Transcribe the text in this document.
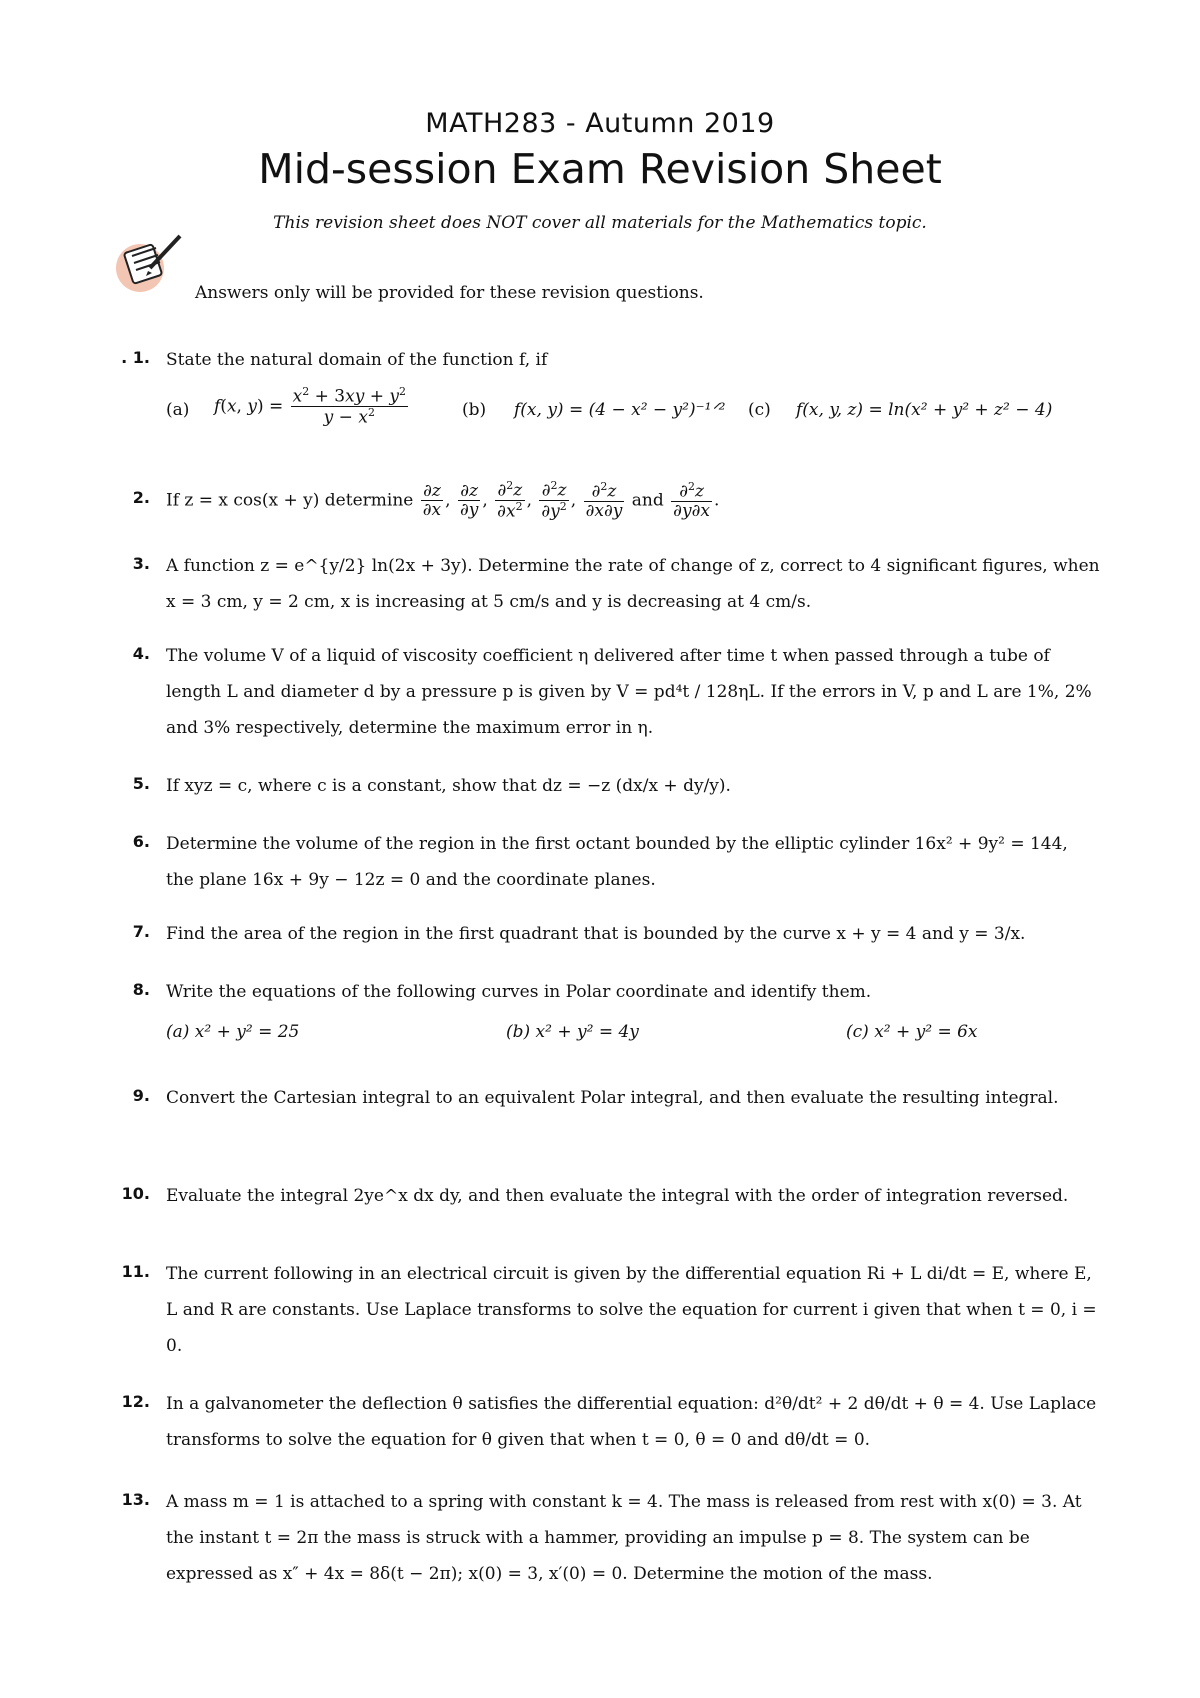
MATH283 - Autumn 2019
Mid-session Exam Revision Sheet
This revision sheet does NOT cover all materials for the Mathematics topic.
Answers only will be provided for these revision questions.
. 1. State the natural domain of the function f, if
(a) f(x, $y) = \frac{x^2 + 3xy + y^2}{y - x^2}$	(b) f(x, y) = (4 − x² − y²)⁻¹ᐟ² (c) f(x, y, z) = ln(x² + y² + z² − 4)
2. If z = x cos(x + y) determine $\frac{\partial z}{\partial x}$ , $\frac{\partial z}{\partial y}$ , $\frac{\partial^2z}{\partial x^2}$ , $\frac{\partial^2z}{\partial y^2}$ , $\frac{\partial^2z}{\partial x\partial y}$ and $\frac{\partial^2z}{\partial y\partial x}$ .
3. A function z = e^{y/2} ln(2x + 3y). Determine the rate of change of z, correct to 4 significant figures, when x = 3 cm, y = 2 cm, x is increasing at 5 cm/s and y is decreasing at 4 cm/s.
4. The volume V of a liquid of viscosity coefficient η delivered after time t when passed through a tube of length L and diameter d by a pressure p is given by V = pd⁴t / 128ηL. If the errors in V, p and L are 1%, 2% and 3% respectively, determine the maximum error in η.
5. If xyz = c, where c is a constant, show that dz = −z (dx/x + dy/y).
6. Determine the volume of the region in the first octant bounded by the elliptic cylinder 16x² + 9y² = 144, the plane 16x + 9y − 12z = 0 and the coordinate planes.
7. Find the area of the region in the first quadrant that is bounded by the curve x + y = 4 and y = 3/x.
8. Write the equations of the following curves in Polar coordinate and identify them.
(a) x² + y² = 25	(b) x² + y² = 4y	(c) x² + y² = 6x
9. Convert the Cartesian integral to an equivalent Polar integral, and then evaluate the resulting integral.
10. Evaluate the integral 2ye^x dx dy, and then evaluate the integral with the order of integration reversed.
11. The current following in an electrical circuit is given by the differential equation Ri + L di/dt = E, where E, L and R are constants. Use Laplace transforms to solve the equation for current i given that when t = 0, i = 0.
12. In a galvanometer the deflection θ satisfies the differential equation: d²θ/dt² + 2 dθ/dt + θ = 4. Use Laplace transforms to solve the equation for θ given that when t = 0, θ = 0 and dθ/dt = 0.
13. A mass m = 1 is attached to a spring with constant k = 4. The mass is released from rest with x(0) = 3. At the instant t = 2π the mass is struck with a hammer, providing an impulse p = 8. The system can be expressed as x″ + 4x = 8δ(t − 2π); x(0) = 3, x′(0) = 0. Determine the motion of the mass.
